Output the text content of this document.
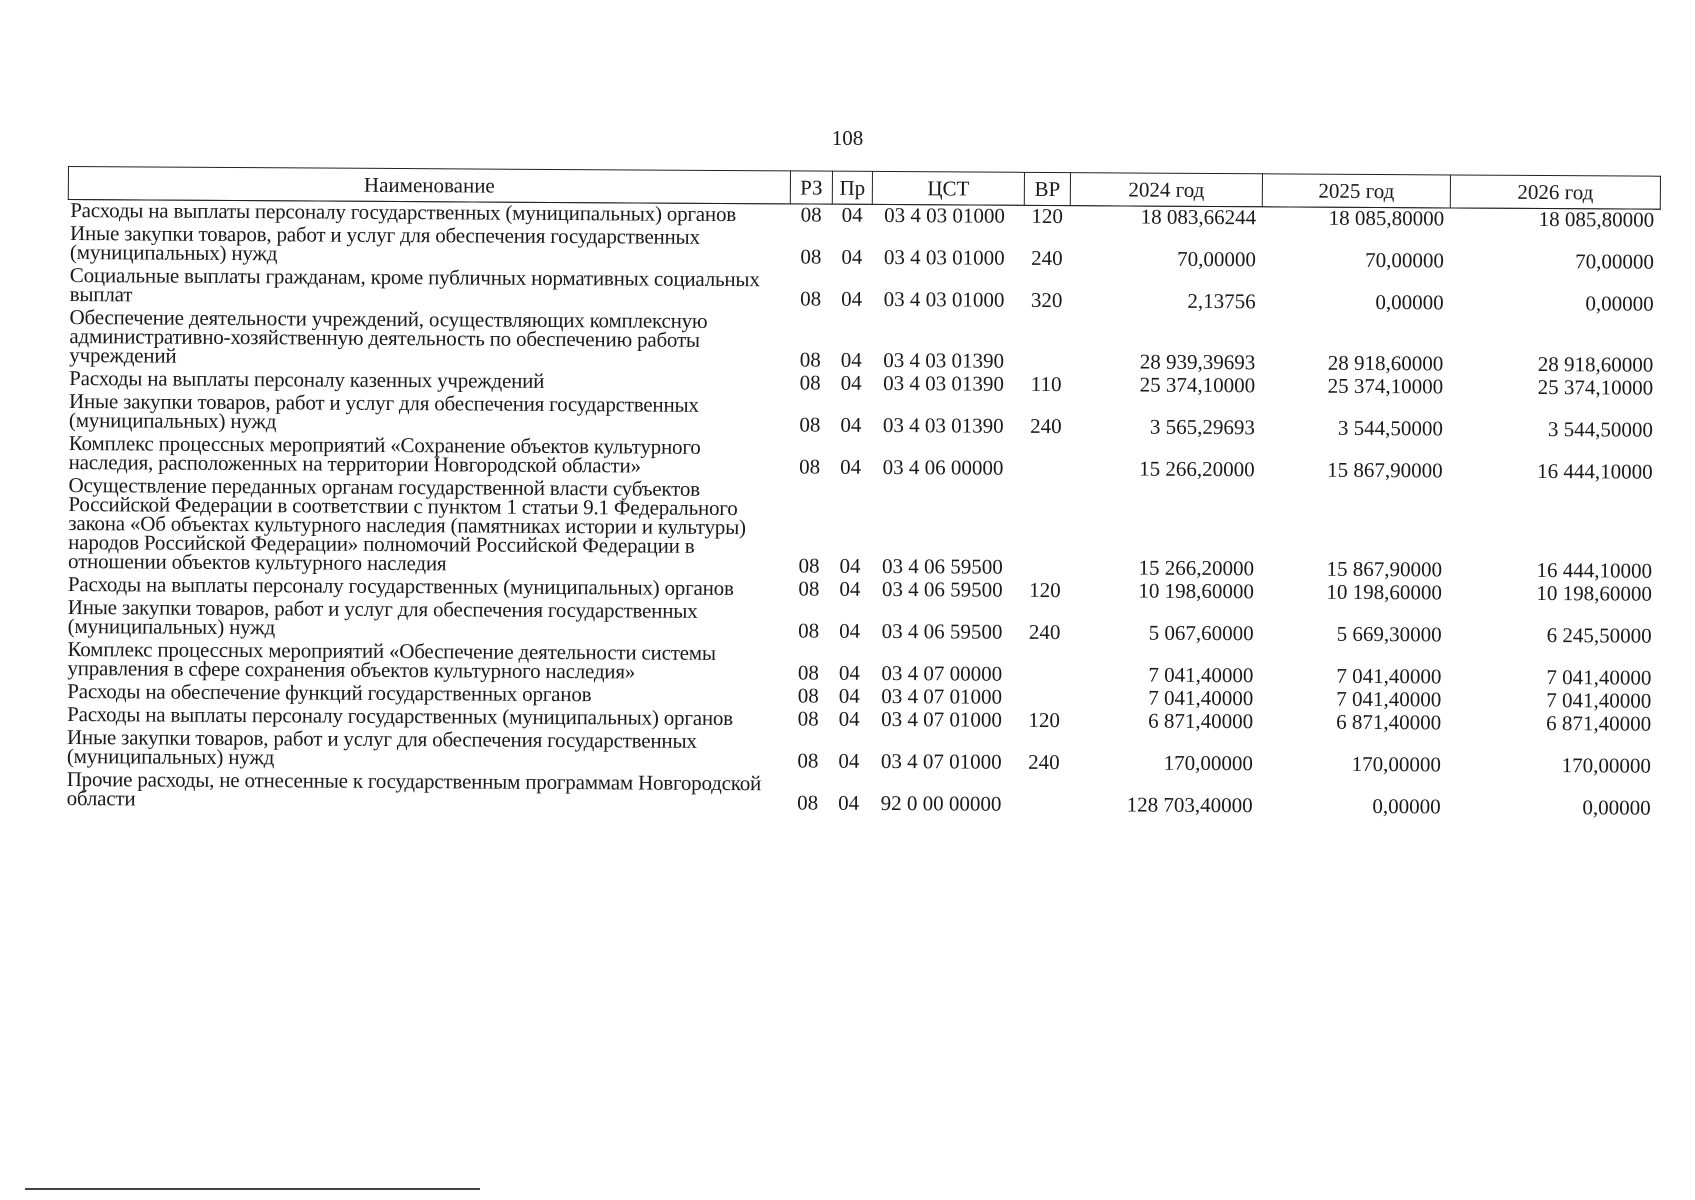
108
Наименование	РЗ	Пр	ЦСТ	ВР	2024 год	2025 год	2026 год
Расходы на выплаты персоналу государственных (муниципальных) органов	08	04	03 4 03 01000	120	18 083,66244	18 085,80000	18 085,80000
Иные закупки товаров, работ и услуг для обеспечения государственных (муниципальных) нужд	08	04	03 4 03 01000	240	70,00000	70,00000	70,00000
Социальные выплаты гражданам, кроме публичных нормативных социальных выплат	08	04	03 4 03 01000	320	2,13756	0,00000	0,00000
Обеспечение деятельности учреждений, осуществляющих комплексную административно-хозяйственную деятельность по обеспечению работы учреждений	08	04	03 4 03 01390		28 939,39693	28 918,60000	28 918,60000
Расходы на выплаты персоналу казенных учреждений	08	04	03 4 03 01390	110	25 374,10000	25 374,10000	25 374,10000
Иные закупки товаров, работ и услуг для обеспечения государственных (муниципальных) нужд	08	04	03 4 03 01390	240	3 565,29693	3 544,50000	3 544,50000
Комплекс процессных мероприятий «Сохранение объектов культурного наследия, расположенных на территории Новгородской области»	08	04	03 4 06 00000		15 266,20000	15 867,90000	16 444,10000
Осуществление переданных органам государственной власти субъектов Российской Федерации в соответствии с пунктом 1 статьи 9.1 Федерального закона «Об объектах культурного наследия (памятниках истории и культуры) народов Российской Федерации» полномочий Российской Федерации в отношении объектов культурного наследия	08	04	03 4 06 59500		15 266,20000	15 867,90000	16 444,10000
Расходы на выплаты персоналу государственных (муниципальных) органов	08	04	03 4 06 59500	120	10 198,60000	10 198,60000	10 198,60000
Иные закупки товаров, работ и услуг для обеспечения государственных (муниципальных) нужд	08	04	03 4 06 59500	240	5 067,60000	5 669,30000	6 245,50000
Комплекс процессных мероприятий «Обеспечение деятельности системы управления в сфере сохранения объектов культурного наследия»	08	04	03 4 07 00000		7 041,40000	7 041,40000	7 041,40000
Расходы на обеспечение функций государственных органов	08	04	03 4 07 01000		7 041,40000	7 041,40000	7 041,40000
Расходы на выплаты персоналу государственных (муниципальных) органов	08	04	03 4 07 01000	120	6 871,40000	6 871,40000	6 871,40000
Иные закупки товаров, работ и услуг для обеспечения государственных (муниципальных) нужд	08	04	03 4 07 01000	240	170,00000	170,00000	170,00000
Прочие расходы, не отнесенные к государственным программам Новгородской области	08	04	92 0 00 00000		128 703,40000	0,00000	0,00000
